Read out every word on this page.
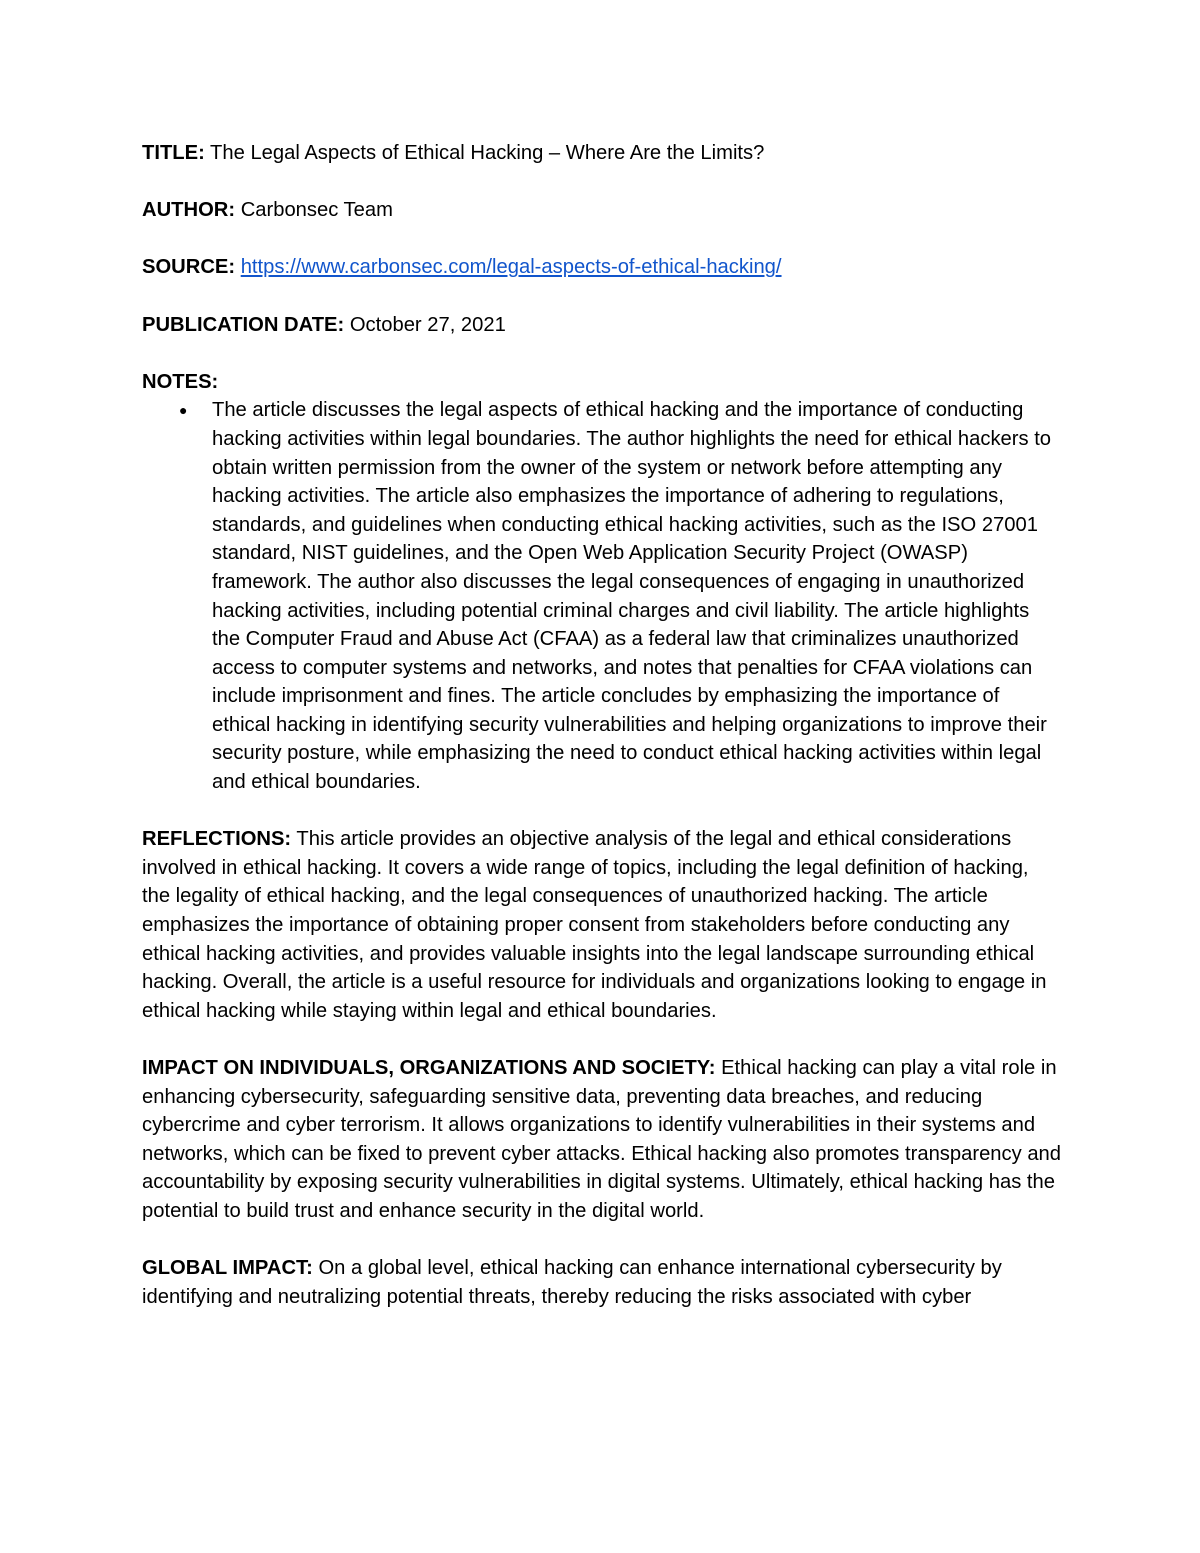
TITLE: The Legal Aspects of Ethical Hacking – Where Are the Limits?

AUTHOR: Carbonsec Team

SOURCE: https://www.carbonsec.com/legal-aspects-of-ethical-hacking/

PUBLICATION DATE: October 27, 2021

NOTES:

● The article discusses the legal aspects of ethical hacking and the importance of conducting hacking activities within legal boundaries. The author highlights the need for ethical hackers to obtain written permission from the owner of the system or network before attempting any hacking activities. The article also emphasizes the importance of adhering to regulations, standards, and guidelines when conducting ethical hacking activities, such as the ISO 27001 standard, NIST guidelines, and the Open Web Application Security Project (OWASP) framework. The author also discusses the legal consequences of engaging in unauthorized hacking activities, including potential criminal charges and civil liability. The article highlights the Computer Fraud and Abuse Act (CFAA) as a federal law that criminalizes unauthorized access to computer systems and networks, and notes that penalties for CFAA violations can include imprisonment and fines. The article concludes by emphasizing the importance of ethical hacking in identifying security vulnerabilities and helping organizations to improve their security posture, while emphasizing the need to conduct ethical hacking activities within legal and ethical boundaries.

REFLECTIONS: This article provides an objective analysis of the legal and ethical considerations involved in ethical hacking. It covers a wide range of topics, including the legal definition of hacking, the legality of ethical hacking, and the legal consequences of unauthorized hacking. The article emphasizes the importance of obtaining proper consent from stakeholders before conducting any ethical hacking activities, and provides valuable insights into the legal landscape surrounding ethical hacking. Overall, the article is a useful resource for individuals and organizations looking to engage in ethical hacking while staying within legal and ethical boundaries.

IMPACT ON INDIVIDUALS, ORGANIZATIONS AND SOCIETY: Ethical hacking can play a vital role in enhancing cybersecurity, safeguarding sensitive data, preventing data breaches, and reducing cybercrime and cyber terrorism. It allows organizations to identify vulnerabilities in their systems and networks, which can be fixed to prevent cyber attacks. Ethical hacking also promotes transparency and accountability by exposing security vulnerabilities in digital systems. Ultimately, ethical hacking has the potential to build trust and enhance security in the digital world.

GLOBAL IMPACT: On a global level, ethical hacking can enhance international cybersecurity by identifying and neutralizing potential threats, thereby reducing the risks associated with cyber
